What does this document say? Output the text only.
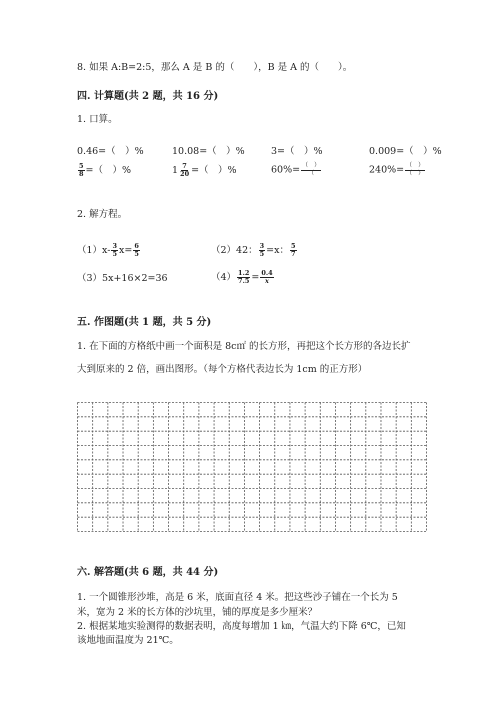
8. 如果 A:B=2:5，那么 A 是 B 的（　　），B 是 A 的（　　）。
四. 计算题(共 2 题，共 16 分)
1. 口算。
0.46=（　）%	10.08=（　）%	3=（　）%	0.009=（　）%
$\frac{5}{8}$ =（　）%	$1 \frac{7}{20}$ =（　）%	$60\%= \frac{( )}{(}$	$240\%= \frac{( )}{( )}$
2. 解方程。
$(1)x- \frac{3}{5} x= \frac{6}{5}$	（2）42： $\frac{3}{5} =x$： $\frac{5}{7}$
（3）5x+16×2=36	$(4) \frac{1.2}{7.5} = \frac{0.4}{x}$
五. 作图题(共 1 题，共 5 分)
1. 在下面的方格纸中画一个面积是 8c㎡ 的长方形，再把这个长方形的各边长扩
大到原来的 2 倍，画出图形。（每个方格代表边长为 1cm 的正方形）
六. 解答题(共 6 题，共 44 分)
1. 一个圆锥形沙堆，高是 6 米，底面直径 4 米。把这些沙子铺在一个长为 5
米，宽为 2 米的长方体的沙坑里，铺的厚度是多少厘米？
2. 根据某地实验测得的数据表明，高度每增加 1 ㎞，气温大约下降 6℃，已知
该地地面温度为 21℃。
